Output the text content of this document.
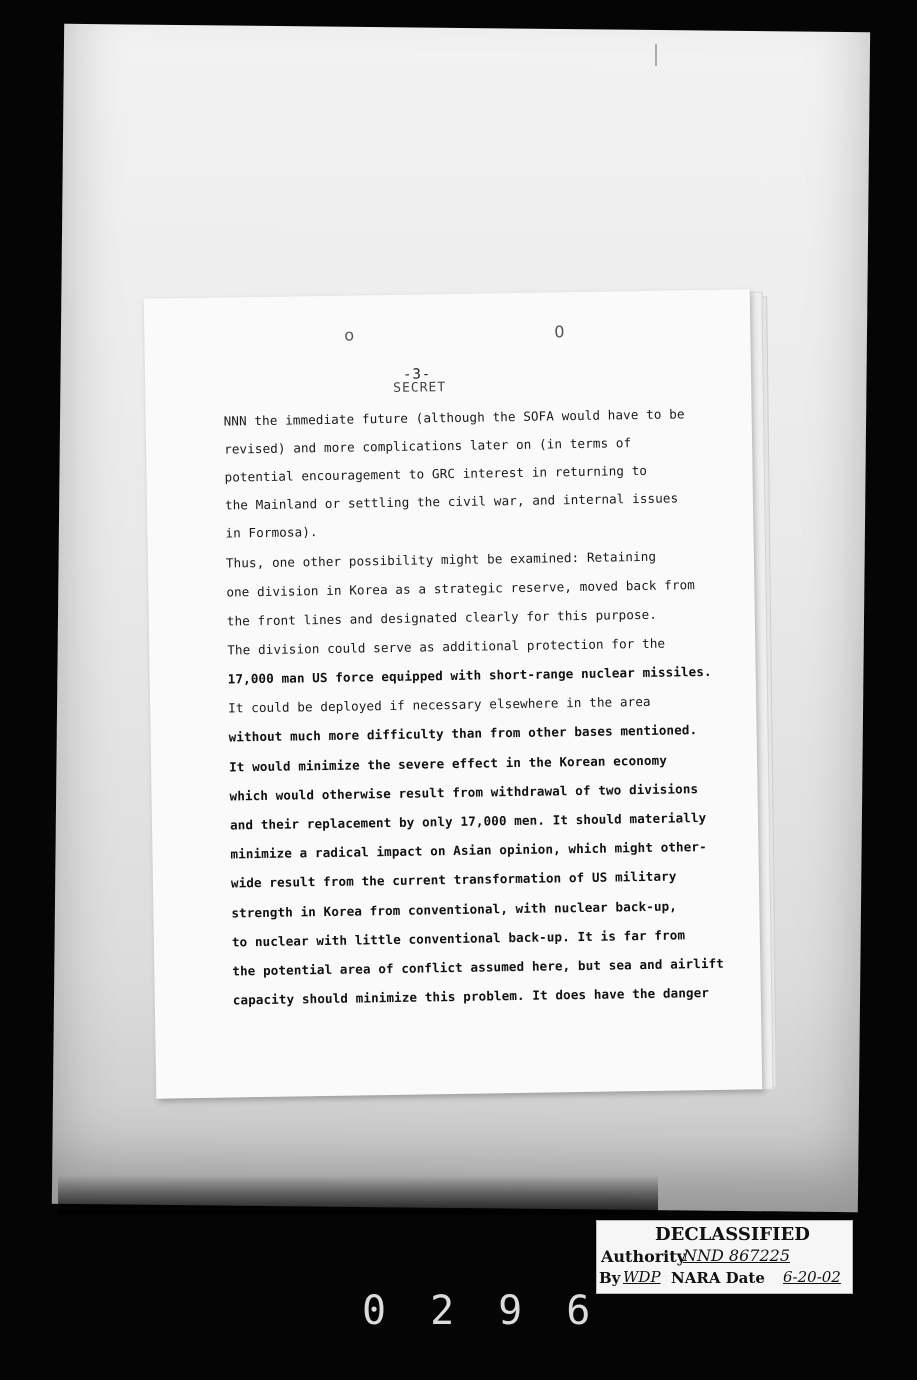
o	0
-3-
SECRET
NNN the immediate future (although the SOFA would have to be
revised) and more complications later on (in terms of
potential encouragement to GRC interest in returning to
the Mainland or settling the civil war, and internal issues
in Formosa).
Thus, one other possibility might be examined: Retaining
one division in Korea as a strategic reserve, moved back from
the front lines and designated clearly for this purpose.
The division could serve as additional protection for the
17,000 man US force equipped with short-range nuclear missiles.
It could be deployed if necessary elsewhere in the area
without much more difficulty than from other bases mentioned.
It would minimize the severe effect in the Korean economy
which would otherwise result from withdrawal of two divisions
and their replacement by only 17,000 men. It should materially
minimize a radical impact on Asian opinion, which might other-
wide result from the current transformation of US military
strength in Korea from conventional, with nuclear back-up,
to nuclear with little conventional back-up. It is far from
the potential area of conflict assumed here, but sea and airlift
capacity should minimize this problem. It does have the danger
DECLASSIFIED
Authority
NND 867225
By WDP NARA Date 6-20-02
0296
